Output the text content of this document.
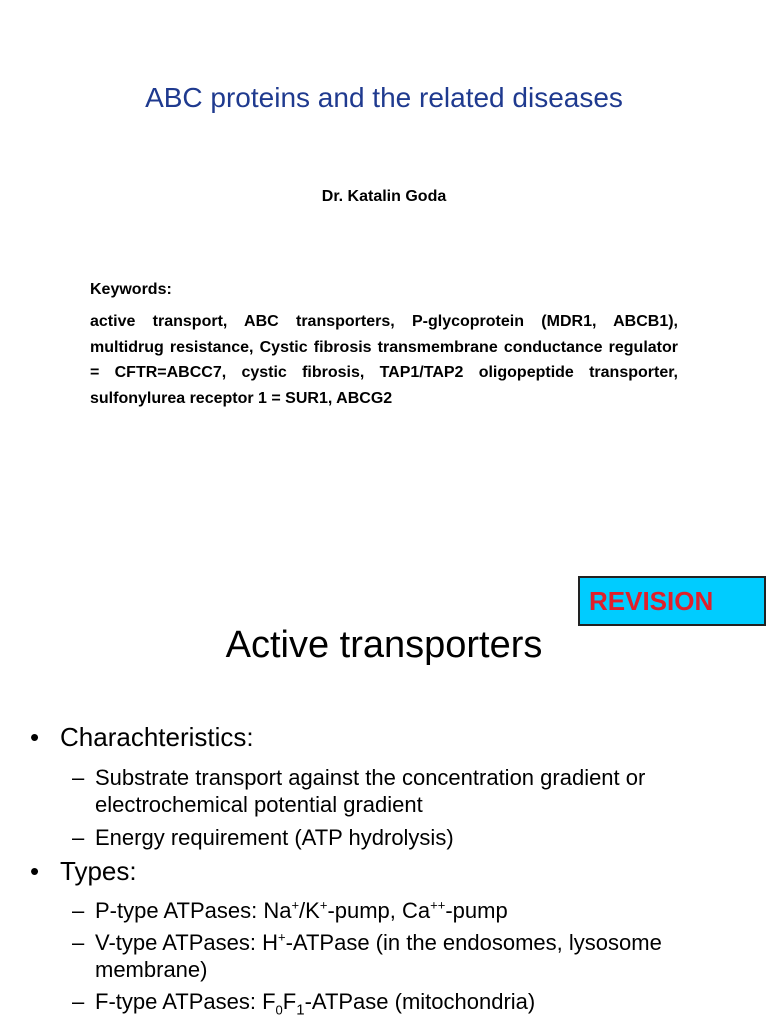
ABC proteins and the related diseases

Dr. Katalin Goda

Keywords:

active transport, ABC transporters, P-glycoprotein (MDR1, ABCB1), multidrug resistance, Cystic fibrosis transmembrane conductance regulator = CFTR=ABCC7, cystic fibrosis, TAP1/TAP2 oligopeptide transporter, sulfonylurea receptor 1 = SUR1, ABCG2

REVISION
Active transporters

• Charachteristics:

– Substrate transport against the concentration gradient or electrochemical potential gradient

– Energy requirement (ATP hydrolysis)

• Types:

– P-type ATPases: Na+/K+-pump, Ca++-pump

– V-type ATPases: H+-ATPase (in the endosomes, lysosome membrane)

– F-type ATPases: $F_0F_1$-ATPase (mitochondria)
